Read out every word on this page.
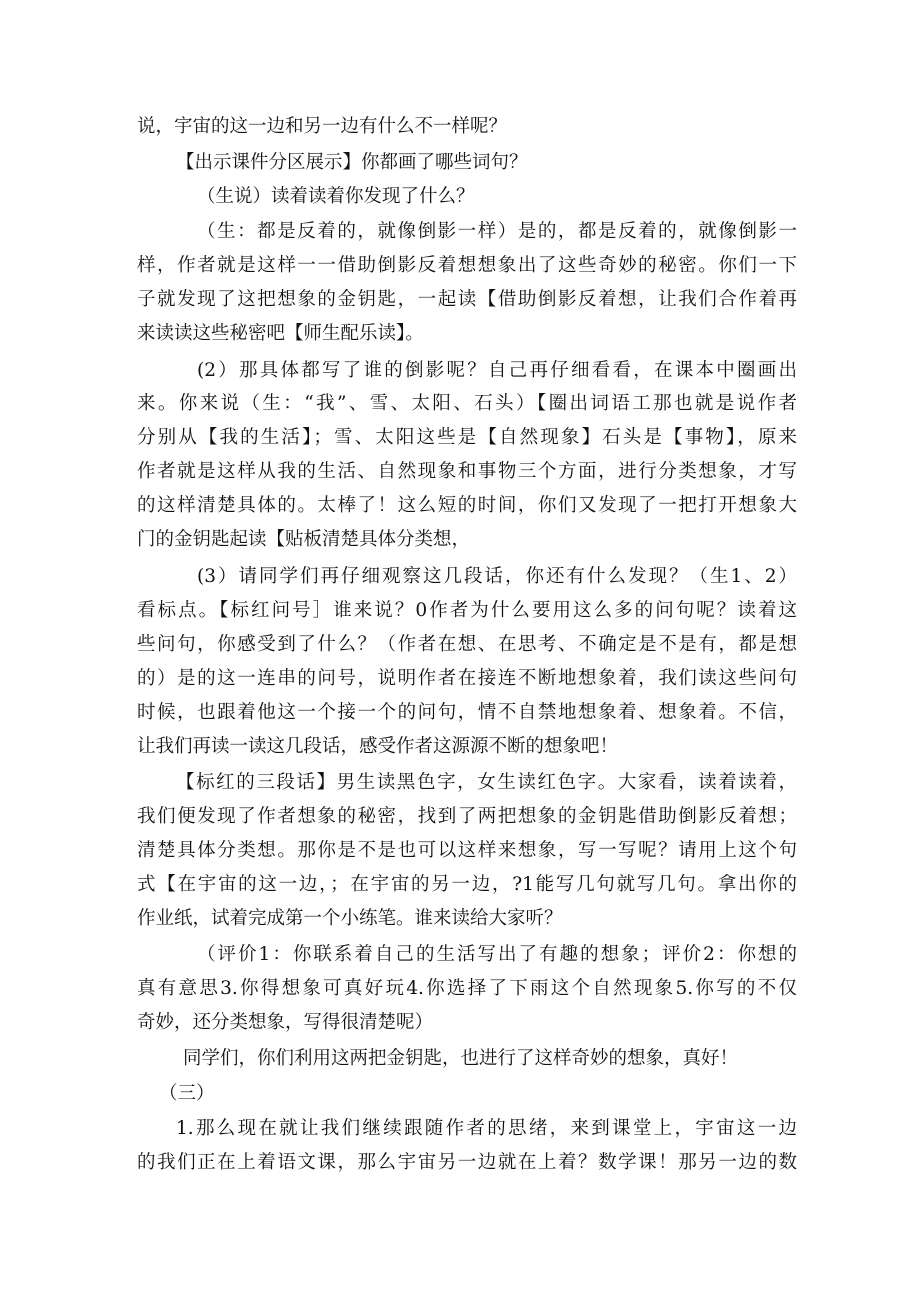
说，宇宙的这一边和另一边有什么不一样呢？
【出示课件分区展示】你都画了哪些词句？
（生说）读着读着你发现了什么？
（生：都是反着的，就像倒影一样）是的，都是反着的，就像倒影一
样，作者就是这样一一借助倒影反着想想象出了这些奇妙的秘密。你们一下
子就发现了这把想象的金钥匙，一起读【借助倒影反着想，让我们合作着再
来读读这些秘密吧【师生配乐读】。
(2）那具体都写了谁的倒影呢？自己再仔细看看，在课本中圈画出
来。你来说（生：“我”、雪、太阳、石头）【圈出词语工那也就是说作者
分别从【我的生活】；雪、太阳这些是【自然现象】石头是【事物】，原来
作者就是这样从我的生活、自然现象和事物三个方面，进行分类想象，才写
的这样清楚具体的。太棒了！这么短的时间，你们又发现了一把打开想象大
门的金钥匙起读【贴板清楚具体分类想，
(3）请同学们再仔细观察这几段话，你还有什么发现？（生1、2）
看标点。【标红问号］谁来说？0作者为什么要用这么多的问句呢？读着这
些问句，你感受到了什么？（作者在想、在思考、不确定是不是有，都是想
的）是的这一连串的问号，说明作者在接连不断地想象着，我们读这些问句
时候，也跟着他这一个接一个的问句，情不自禁地想象着、想象着。不信，
让我们再读一读这几段话，感受作者这源源不断的想象吧！
【标红的三段话】男生读黑色字，女生读红色字。大家看，读着读着，
我们便发现了作者想象的秘密，找到了两把想象的金钥匙借助倒影反着想；
清楚具体分类想。那你是不是也可以这样来想象，写一写呢？请用上这个句
式【在宇宙的这一边，；在宇宙的另一边，?1能写几句就写几句。拿出你的
作业纸，试着完成第一个小练笔。谁来读给大家听？
（评价1：你联系着自己的生活写出了有趣的想象；评价2：你想的
真有意思3.你得想象可真好玩4.你选择了下雨这个自然现象5.你写的不仅
奇妙，还分类想象，写得很清楚呢）
同学们，你们利用这两把金钥匙，也进行了这样奇妙的想象，真好！
（三）
1.那么现在就让我们继续跟随作者的思绪，来到课堂上，宇宙这一边
的我们正在上着语文课，那么宇宙另一边就在上着？数学课！那另一边的数
